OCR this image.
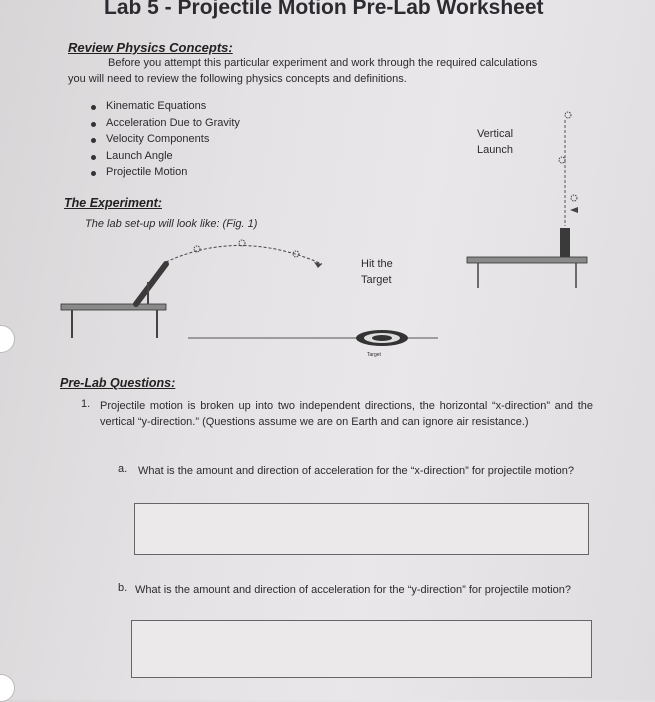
Lab 5 - Projectile Motion Pre-Lab Worksheet
Review Physics Concepts:
Before you attempt this particular experiment and work through the required calculations
you will need to review the following physics concepts and definitions.
Kinematic Equations
Acceleration Due to Gravity
Velocity Components
Launch Angle
Projectile Motion
Vertical
Launch
The Experiment:
The lab set-up will look like: (Fig. 1)
Hit the
Target
Target
Pre-Lab Questions:
1. Projectile motion is broken up into two independent directions, the horizontal “x-direction” and the vertical “y-direction.” (Questions assume we are on Earth and can ignore air resistance.)
a. What is the amount and direction of acceleration for the “x-direction” for projectile motion?
b. What is the amount and direction of acceleration for the “y-direction” for projectile motion?
